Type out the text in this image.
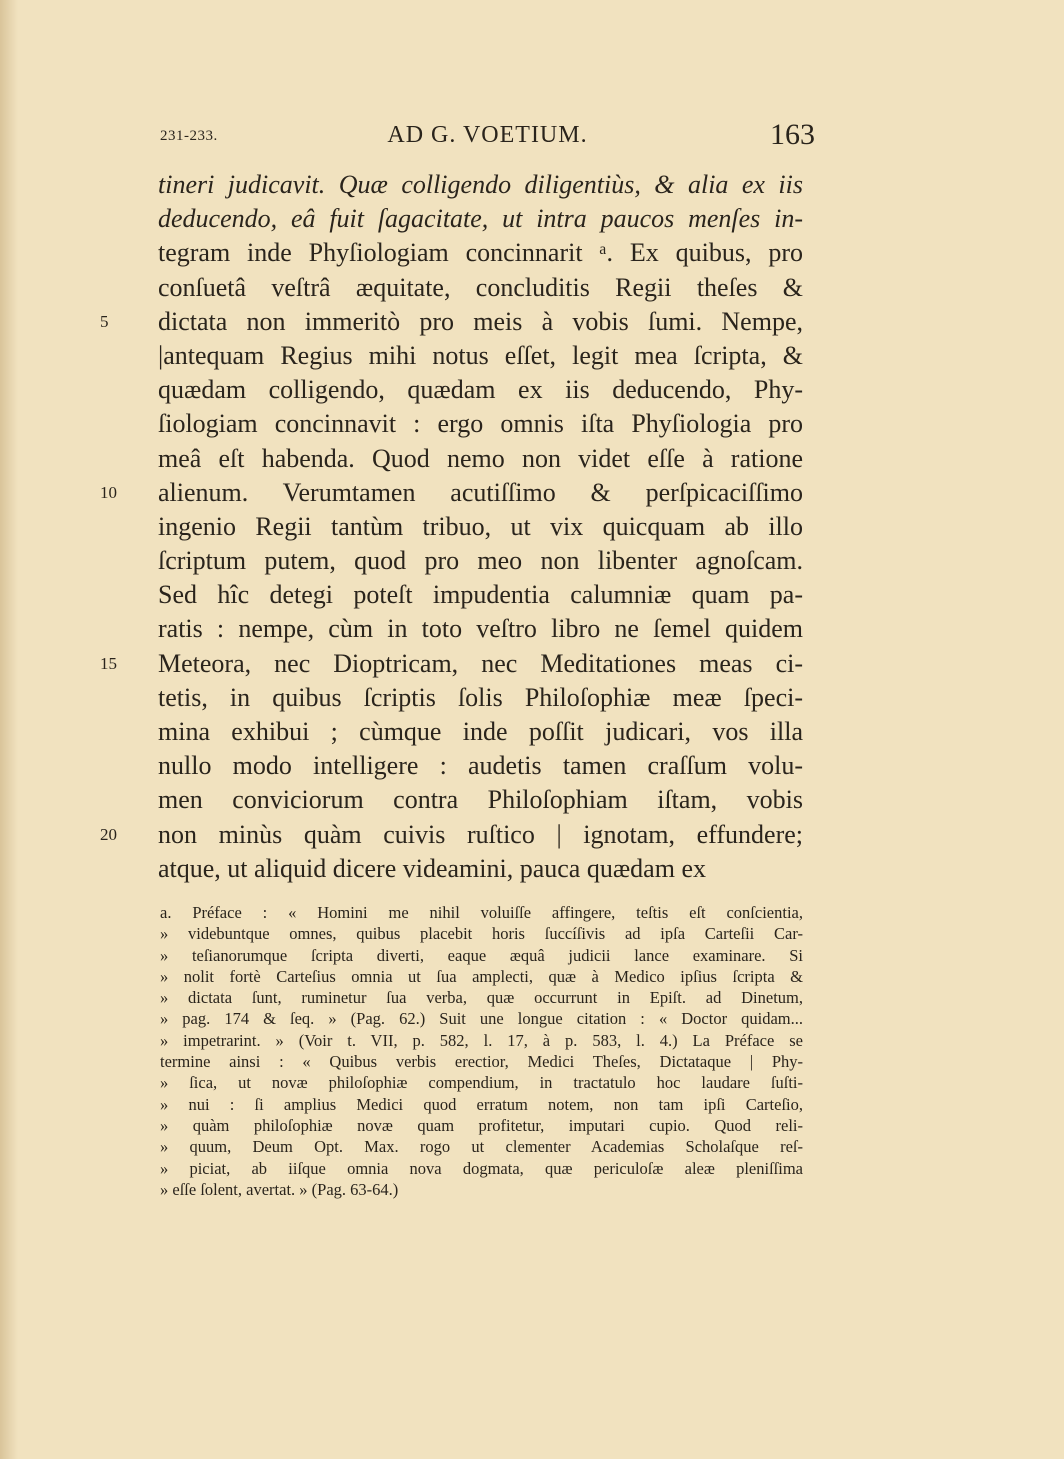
231-233.	AD G. VOETIUM.	163
tineri judicavit. Quæ colligendo diligentiùs, & alia ex iis
deducendo, eâ fuit ſagacitate, ut intra paucos menſes in-
tegram inde Phyſiologiam concinnarit ᵃ. Ex quibus, pro
conſuetâ veſtrâ æquitate, concluditis Regii theſes &
5	dictata non immeritò pro meis à vobis ſumi. Nempe,
|antequam Regius mihi notus eſſet, legit mea ſcripta, &
quædam colligendo, quædam ex iis deducendo, Phy-
ſiologiam concinnavit : ergo omnis iſta Phyſiologia pro
meâ eſt habenda. Quod nemo non videt eſſe à ratione
10	alienum. Verumtamen acutiſſimo & perſpicaciſſimo
ingenio Regii tantùm tribuo, ut vix quicquam ab illo
ſcriptum putem, quod pro meo non libenter agnoſcam.
Sed hîc detegi poteſt impudentia calumniæ quam pa-
ratis : nempe, cùm in toto veſtro libro ne ſemel quidem
15	Meteora, nec Dioptricam, nec Meditationes meas ci-
tetis, in quibus ſcriptis ſolis Philoſophiæ meæ ſpeci-
mina exhibui ; cùmque inde poſſit judicari, vos illa
nullo modo intelligere : audetis tamen craſſum volu-
men conviciorum contra Philoſophiam iſtam, vobis
20	non minùs quàm cuivis ruſtico | ignotam, effundere;
atque, ut aliquid dicere videamini, pauca quædam ex
a. Préface : « Homini me nihil voluiſſe affingere, teſtis eſt conſcientia,
» videbuntque omnes, quibus placebit horis ſuccíſivis ad ipſa Carteſii Car-
» teſianorumque ſcripta diverti, eaque æquâ judicii lance examinare. Si
» nolit fortè Carteſius omnia ut ſua amplecti, quæ à Medico ipſius ſcripta &
» dictata ſunt, ruminetur ſua verba, quæ occurrunt in Epiſt. ad Dinetum,
» pag. 174 & ſeq. » (Pag. 62.) Suit une longue citation : « Doctor quidam...
» impetrarint. » (Voir t. VII, p. 582, l. 17, à p. 583, l. 4.) La Préface se
termine ainsi : « Quibus verbis erectior, Medici Theſes, Dictataque | Phy-
» ſica, ut novæ philoſophiæ compendium, in tractatulo hoc laudare ſuſti-
» nui : ſi amplius Medici quod erratum notem, non tam ipſi Carteſio,
» quàm philoſophiæ novæ quam profitetur, imputari cupio. Quod reli-
» quum, Deum Opt. Max. rogo ut clementer Academias Scholaſque reſ-
» piciat, ab iiſque omnia nova dogmata, quæ periculoſæ aleæ pleniſſima
» eſſe ſolent, avertat. » (Pag. 63-64.)
